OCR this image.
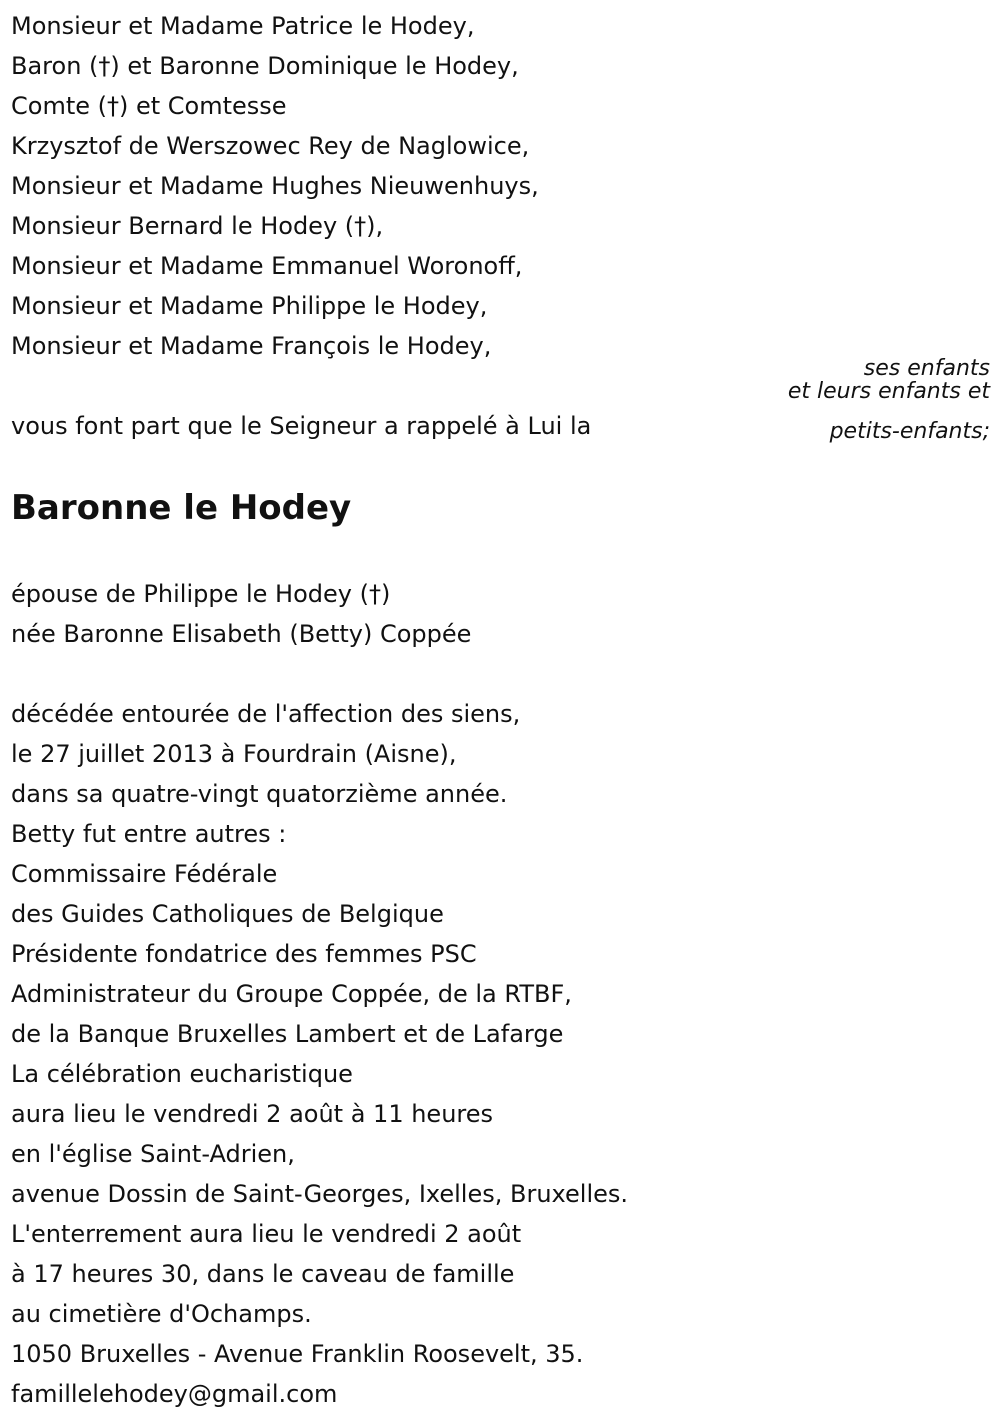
Monsieur et Madame Patrice le Hodey,
Baron (†) et Baronne Dominique le Hodey,
Comte (†) et Comtesse
Krzysztof de Werszowec Rey de Naglowice,
Monsieur et Madame Hughes Nieuwenhuys,
Monsieur Bernard le Hodey (†),
Monsieur et Madame Emmanuel Woronoff,
Monsieur et Madame Philippe le Hodey,
Monsieur et Madame François le Hodey,
ses enfants
et leurs enfants et
petits-enfants;
vous font part que le Seigneur a rappelé à Lui la
Baronne le Hodey
épouse de Philippe le Hodey (†)
née Baronne Elisabeth (Betty) Coppée
décédée entourée de l'affection des siens,
le 27 juillet 2013 à Fourdrain (Aisne),
dans sa quatre-vingt quatorzième année.
Betty fut entre autres :
Commissaire Fédérale
des Guides Catholiques de Belgique
Présidente fondatrice des femmes PSC
Administrateur du Groupe Coppée, de la RTBF,
de la Banque Bruxelles Lambert et de Lafarge
La célébration eucharistique
aura lieu le vendredi 2 août à 11 heures
en l'église Saint-Adrien,
avenue Dossin de Saint-Georges, Ixelles, Bruxelles.
L'enterrement aura lieu le vendredi 2 août
à 17 heures 30, dans le caveau de famille
au cimetière d'Ochamps.
1050 Bruxelles - Avenue Franklin Roosevelt, 35.
famillelehodey@gmail.com
